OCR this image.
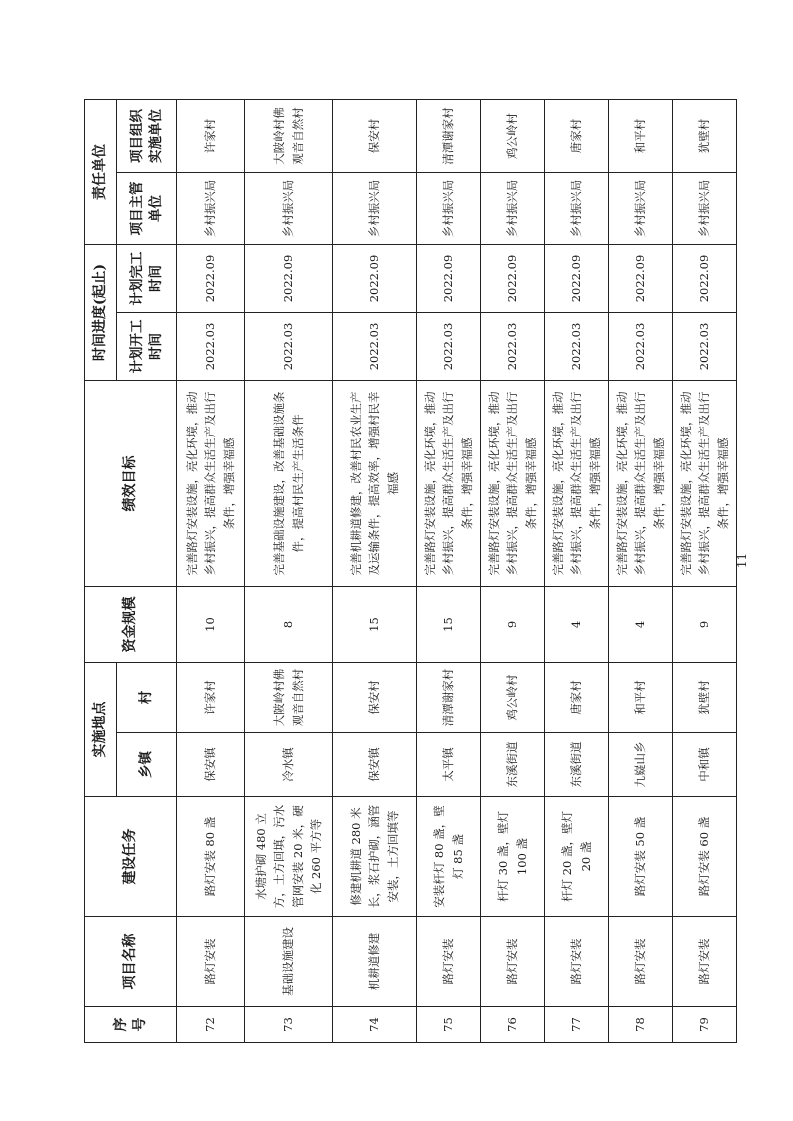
序号	项目名称	建设任务	实施地点		资金规模	绩效目标	时间进度(起止)		责任单位	
			乡镇	村			计划开工时间	计划完工时间	项目主管单位	项目组织实施单位
72	路灯安装	路灯安装 80 盏	保安镇	许家村	10	完善路灯安装设施，亮化环境，推动乡村振兴，提高群众生活生产及出行条件，增强幸福感	2022.03	2022.09	乡村振兴局	许家村
73	基础设施建设	水塘护砌 480 立方，土方回填，污水管网安装 20 米，硬化 260 平方等	冷水镇	大陂岭村佛观音自然村	8	完善基础设施建设，改善基础设施条件，提高村民生产生活条件	2022.03	2022.09	乡村振兴局	大陂岭村佛观音自然村
74	机耕道修建	修建机耕道 280 米长，浆石护砌，涵管安装，土方回填等	保安镇	保安村	15	完善机耕道修建，改善村民农业生产及运输条件，提高效率，增强村民幸福感	2022.03	2022.09	乡村振兴局	保安村
75	路灯安装	安装杆灯 80 盏，壁灯 85 盏	太平镇	清潭谢家村	15	完善路灯安装设施，亮化环境，推动乡村振兴，提高群众生活生产及出行条件，增强幸福感	2022.03	2022.09	乡村振兴局	清潭谢家村
76	路灯安装	杆灯 30 盏，壁灯 100 盏	东溪街道	鸡公岭村	9	完善路灯安装设施，亮化环境，推动乡村振兴，提高群众生活生产及出行条件，增强幸福感	2022.03	2022.09	乡村振兴局	鸡公岭村
77	路灯安装	杆灯 20 盏，壁灯 20 盏	东溪街道	唐家村	4	完善路灯安装设施，亮化环境，推动乡村振兴，提高群众生活生产及出行条件，增强幸福感	2022.03	2022.09	乡村振兴局	唐家村
78	路灯安装	路灯安装 50 盏	九嶷山乡	和平村	4	完善路灯安装设施，亮化环境，推动乡村振兴，提高群众生活生产及出行条件，增强幸福感	2022.03	2022.09	乡村振兴局	和平村
79	路灯安装	路灯安装 60 盏	中和镇	犹壁村	9	完善路灯安装设施，亮化环境，推动乡村振兴，提高群众生活生产及出行条件，增强幸福感	2022.03	2022.09	乡村振兴局	犹壁村
11
